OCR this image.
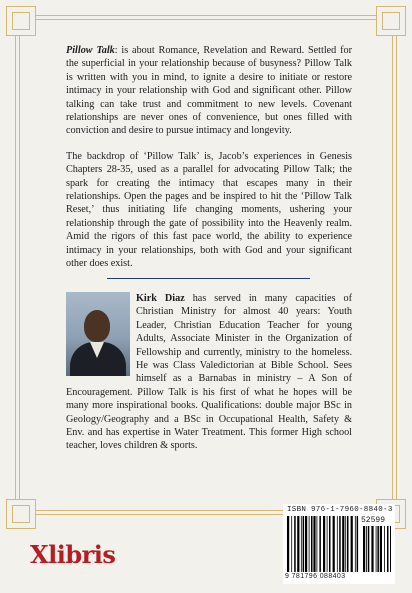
Pillow Talk: is about Romance, Revelation and Reward. Settled for the superficial in your relationship because of busyness? Pillow Talk is written with you in mind, to ignite a desire to initiate or restore intimacy in your relationship with God and significant other. Pillow talking can take trust and commitment to new levels. Covenant relationships are never ones of convenience, but ones filled with conviction and desire to pursue intimacy and longevity.

The backdrop of ‘Pillow Talk’ is, Jacob’s experiences in Genesis Chapters 28-35, used as a parallel for advocating Pillow Talk; the spark for creating the intimacy that escapes many in their relationships. Open the pages and be inspired to hit the ‘Pillow Talk Reset,’ thus initiating life changing moments, ushering your relationship through the gate of possibility into the Heavenly realm. Amid the rigors of this fast pace world, the ability to experience intimacy in your relationships, both with God and your significant other does exist.

Kirk Diaz has served in many capacities of Christian Ministry for almost 40 years: Youth Leader, Christian Education Teacher for young Adults, Associate Minister in the Organization of Fellowship and currently, ministry to the homeless. He was Class Valedictorian at Bible School. Sees himself as a Barnabas in ministry – A Son of Encouragement. Pillow Talk is his first of what he hopes will be many more inspirational books. Qualifications: double major BSc in Geology/Geography and a BSc in Occupational Health, Safety & Env. and has expertise in Water Treatment. This former High school teacher, loves children & sports.
Xlibris
ISBN 976-1-7960-8840-3
52599
9 781796 088403
